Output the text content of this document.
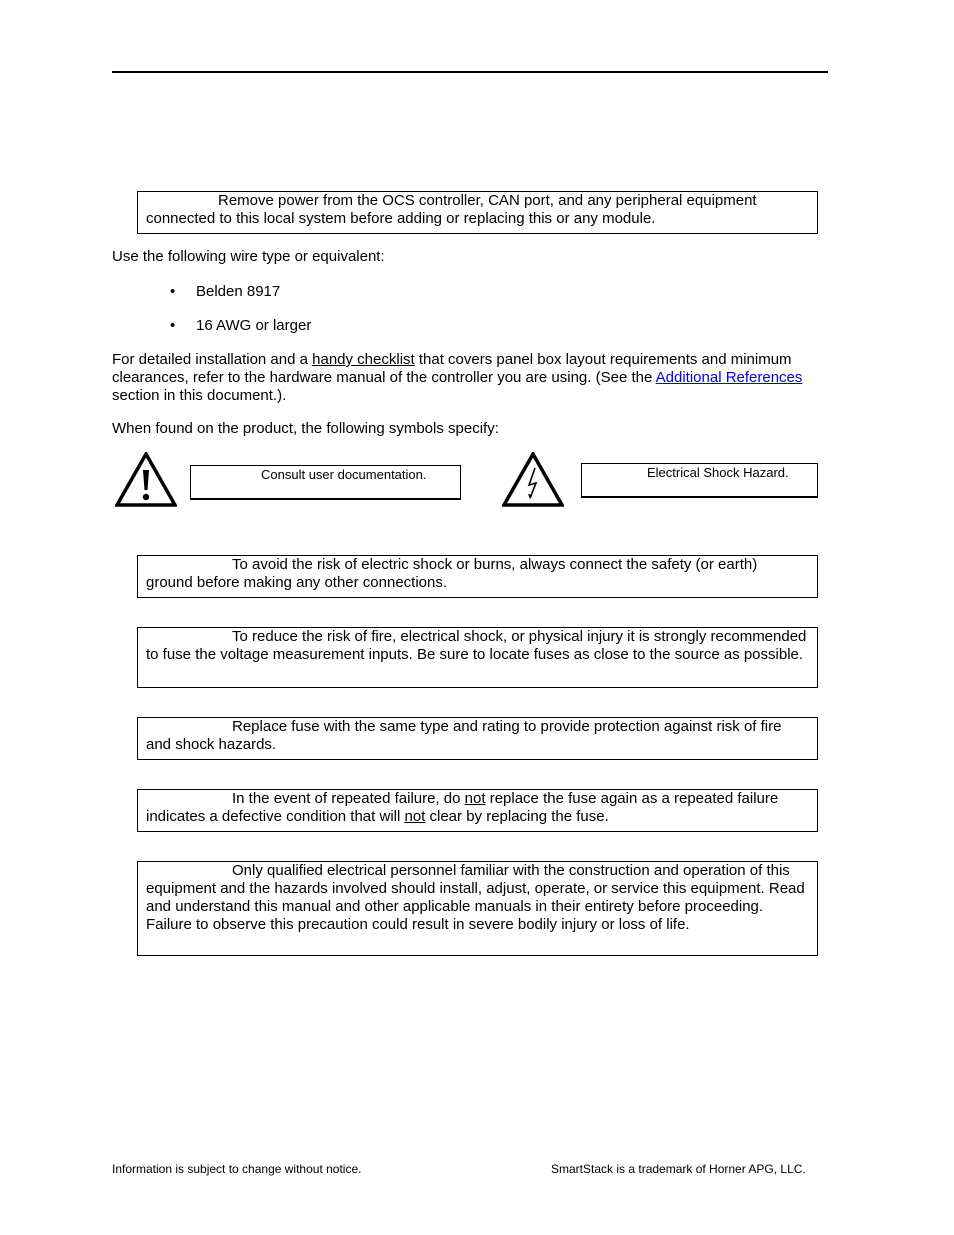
Remove power from the OCS controller, CAN port, and any peripheral equipment connected to this local system before adding or replacing this or any module.
Use the following wire type or equivalent:
• Belden 8917
• 16 AWG or larger
For detailed installation and a handy checklist that covers panel box layout requirements and minimum clearances, refer to the hardware manual of the controller you are using. (See the Additional References section in this document.).
When found on the product, the following symbols specify:
Consult user documentation.	Electrical Shock Hazard.
To avoid the risk of electric shock or burns, always connect the safety (or earth) ground before making any other connections.
To reduce the risk of fire, electrical shock, or physical injury it is strongly recommended to fuse the voltage measurement inputs. Be sure to locate fuses as close to the source as possible.
Replace fuse with the same type and rating to provide protection against risk of fire and shock hazards.
In the event of repeated failure, do not replace the fuse again as a repeated failure indicates a defective condition that will not clear by replacing the fuse.
Only qualified electrical personnel familiar with the construction and operation of this equipment and the hazards involved should install, adjust, operate, or service this equipment. Read and understand this manual and other applicable manuals in their entirety before proceeding. Failure to observe this precaution could result in severe bodily injury or loss of life.
Information is subject to change without notice.	SmartStack is a trademark of Horner APG, LLC.
